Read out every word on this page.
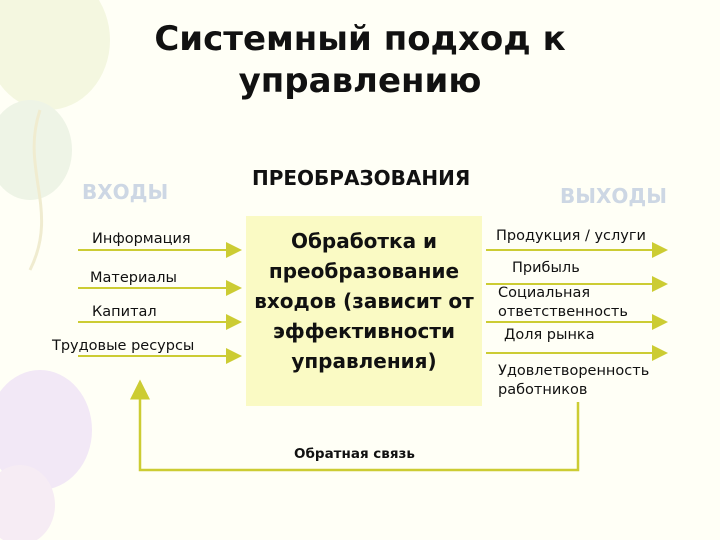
Системный подход к управлению
ВХОДЫ
ПРЕОБРАЗОВАНИЯ
ВЫХОДЫ
Информация
Материалы
Капитал
Трудовые ресурсы
Обработка и преобразование входов (зависит от эффективности управления)
Продукция / услуги
Прибыль
Социальная ответственность
Доля рынка
Удовлетворенность работников
Обратная связь
